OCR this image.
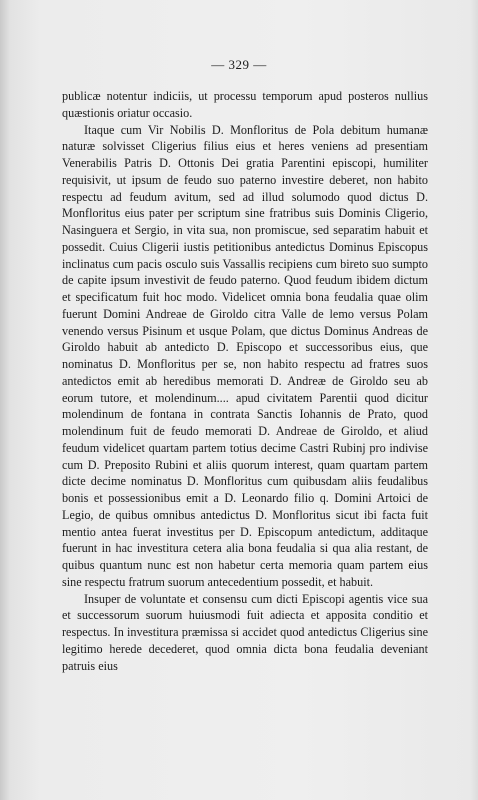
— 329 —

publicæ notentur indiciis, ut processu temporum apud posteros nullius quæstionis oriatur occasio.

Itaque cum Vir Nobilis D. Monfloritus de Pola debitum humanæ naturæ solvisset Cligerius filius eius et heres veniens ad presentiam Venerabilis Patris D. Ottonis Dei gratia Parentini episcopi, humiliter requisivit, ut ipsum de feudo suo paterno investire deberet, non habito respectu ad feudum avitum, sed ad illud solumodo quod dictus D. Monfloritus eius pater per scriptum sine fratribus suis Dominis Cligerio, Nasinguera et Sergio, in vita sua, non promiscue, sed separatim habuit et possedit. Cuius Cligerii iustis petitionibus antedictus Dominus Episcopus inclinatus cum pacis osculo suis Vassallis recipiens cum bireto suo sumpto de capite ipsum investivit de feudo paterno. Quod feudum ibidem dictum et specificatum fuit hoc modo. Videlicet omnia bona feudalia quae olim fuerunt Domini Andreae de Giroldo citra Valle de lemo versus Polam venendo versus Pisinum et usque Polam, que dictus Dominus Andreas de Giroldo habuit ab antedicto D. Episcopo et successoribus eius, que nominatus D. Monfloritus per se, non habito respectu ad fratres suos antedictos emit ab heredibus memorati D. Andreæ de Giroldo seu ab eorum tutore, et molendinum.... apud civitatem Parentii quod dicitur molendinum de fontana in contrata Sanctis Iohannis de Prato, quod molendinum fuit de feudo memorati D. Andreae de Giroldo, et aliud feudum videlicet quartam partem totius decime Castri Rubinj pro indivise cum D. Preposito Rubini et aliis quorum interest, quam quartam partem dicte decime nominatus D. Monfloritus cum quibusdam aliis feudalibus bonis et possessionibus emit a D. Leonardo filio q. Domini Artoici de Legio, de quibus omnibus antedictus D. Monfloritus sicut ibi facta fuit mentio antea fuerat investitus per D. Episcopum antedictum, additaque fuerunt in hac investitura cetera alia bona feudalia si qua alia restant, de quibus quantum nunc est non habetur certa memoria quam partem eius sine respectu fratrum suorum antecedentium possedit, et habuit.

Insuper de voluntate et consensu cum dicti Episcopi agentis vice sua et successorum suorum huiusmodi fuit adiecta et apposita conditio et respectus. In investitura præmissa si accidet quod antedictus Cligerius sine legitimo herede decederet, quod omnia dicta bona feudalia deveniant patruis eius
